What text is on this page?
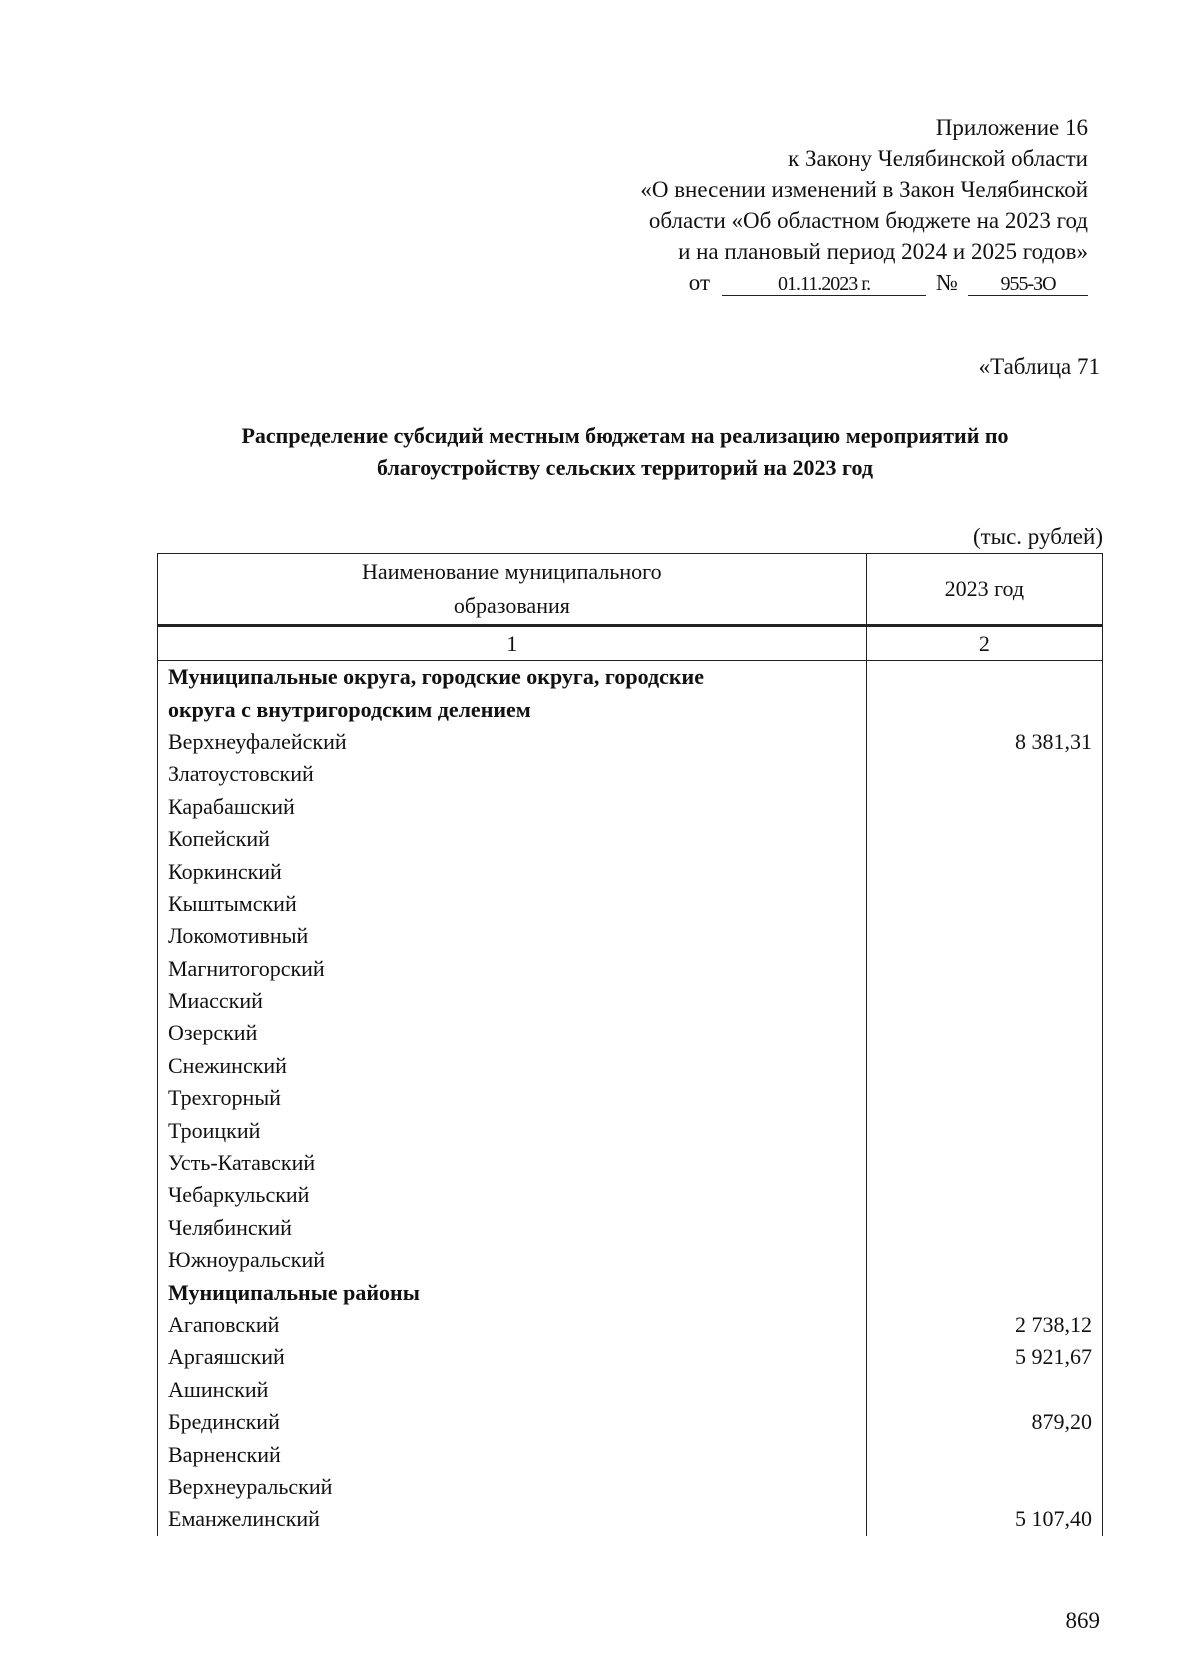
Приложение 16
к Закону Челябинской области
«О внесении изменений в Закон Челябинской
области «Об областном бюджете на 2023 год
и на плановый период 2024 и 2025 годов»
от	01.11.2023 г.	№	955-ЗО
«Таблица 71
Распределение субсидий местным бюджетам на реализацию мероприятий по
благоустройству сельских территорий на 2023 год
(тыс. рублей)
Наименование муниципального
образования	2023 год
1	2
Муниципальные округа, городские округа, городские	
округа с внутригородским делением	
Верхнеуфалейский	8 381,31
Златоустовский	
Карабашский	
Копейский	
Коркинский	
Кыштымский	
Локомотивный	
Магнитогорский	
Миасский	
Озерский	
Снежинский	
Трехгорный	
Троицкий	
Усть-Катавский	
Чебаркульский	
Челябинский	
Южноуральский	
Муниципальные районы	
Агаповский	2 738,12
Аргаяшский	5 921,67
Ашинский	
Брединский	879,20
Варненский	
Верхнеуральский	
Еманжелинский	5 107,40
869
